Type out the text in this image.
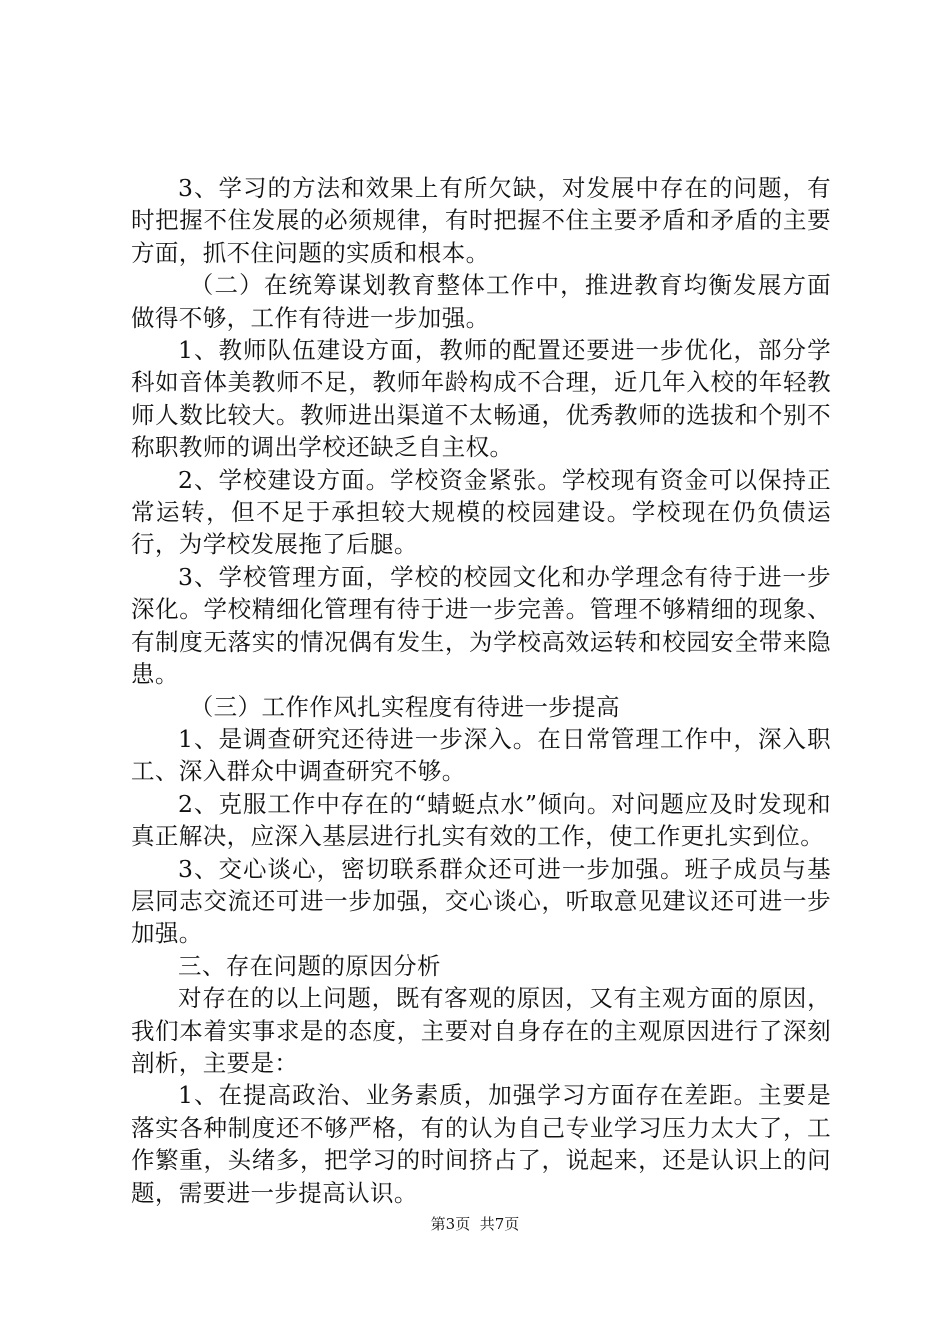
3、学习的方法和效果上有所欠缺，对发展中存在的问题，有时把握不住发展的必须规律，有时把握不住主要矛盾和矛盾的主要方面，抓不住问题的实质和根本。

（二）在统筹谋划教育整体工作中，推进教育均衡发展方面做得不够，工作有待进一步加强。

1、教师队伍建设方面，教师的配置还要进一步优化，部分学科如音体美教师不足，教师年龄构成不合理，近几年入校的年轻教师人数比较大。教师进出渠道不太畅通，优秀教师的选拔和个别不称职教师的调出学校还缺乏自主权。

2、学校建设方面。学校资金紧张。学校现有资金可以保持正常运转，但不足于承担较大规模的校园建设。学校现在仍负债运行，为学校发展拖了后腿。

3、学校管理方面，学校的校园文化和办学理念有待于进一步深化。学校精细化管理有待于进一步完善。管理不够精细的现象、有制度无落实的情况偶有发生，为学校高效运转和校园安全带来隐患。

（三）工作作风扎实程度有待进一步提高

1、是调查研究还待进一步深入。在日常管理工作中，深入职工、深入群众中调查研究不够。

2、克服工作中存在的“蜻蜓点水”倾向。对问题应及时发现和真正解决，应深入基层进行扎实有效的工作，使工作更扎实到位。

3、交心谈心，密切联系群众还可进一步加强。班子成员与基层同志交流还可进一步加强，交心谈心，听取意见建议还可进一步加强。

三、存在问题的原因分析

对存在的以上问题，既有客观的原因，又有主观方面的原因，我们本着实事求是的态度，主要对自身存在的主观原因进行了深刻剖析，主要是：

1、在提高政治、业务素质，加强学习方面存在差距。主要是落实各种制度还不够严格，有的认为自己专业学习压力太大了，工作繁重，头绪多，把学习的时间挤占了，说起来，还是认识上的问题，需要进一步提高认识。

第3页 共7页
